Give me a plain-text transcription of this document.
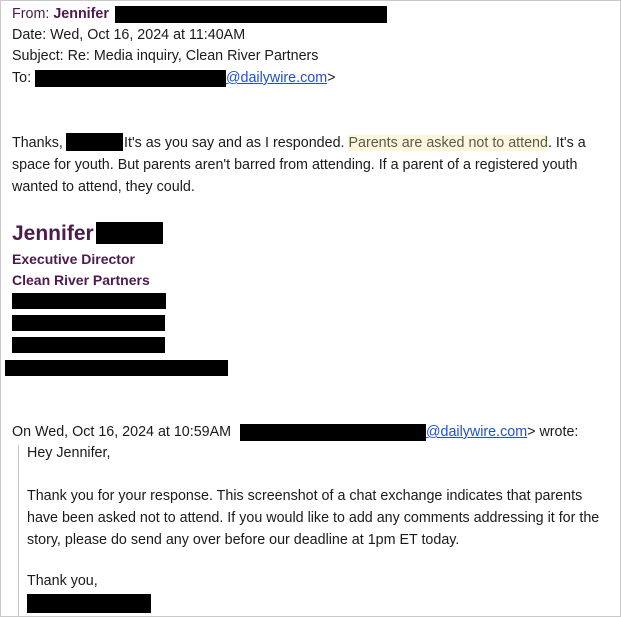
From: Jennifer
Date: Wed, Oct 16, 2024 at 11:40AM
Subject: Re: Media inquiry, Clean River Partners
To:	@dailywire.com>
Thanks,	It's as you say and as I responded. Parents are asked not to attend. It's a space for youth. But parents aren't barred from attending. If a parent of a registered youth wanted to attend, they could.
Jennifer
Executive Director
Clean River Partners
On Wed, Oct 16, 2024 at 10:59AM	@dailywire.com> wrote:
Hey Jennifer,
Thank you for your response. This screenshot of a chat exchange indicates that parents have been asked not to attend. If you would like to add any comments addressing it for the story, please do send any over before our deadline at 1pm ET today.
Thank you,
